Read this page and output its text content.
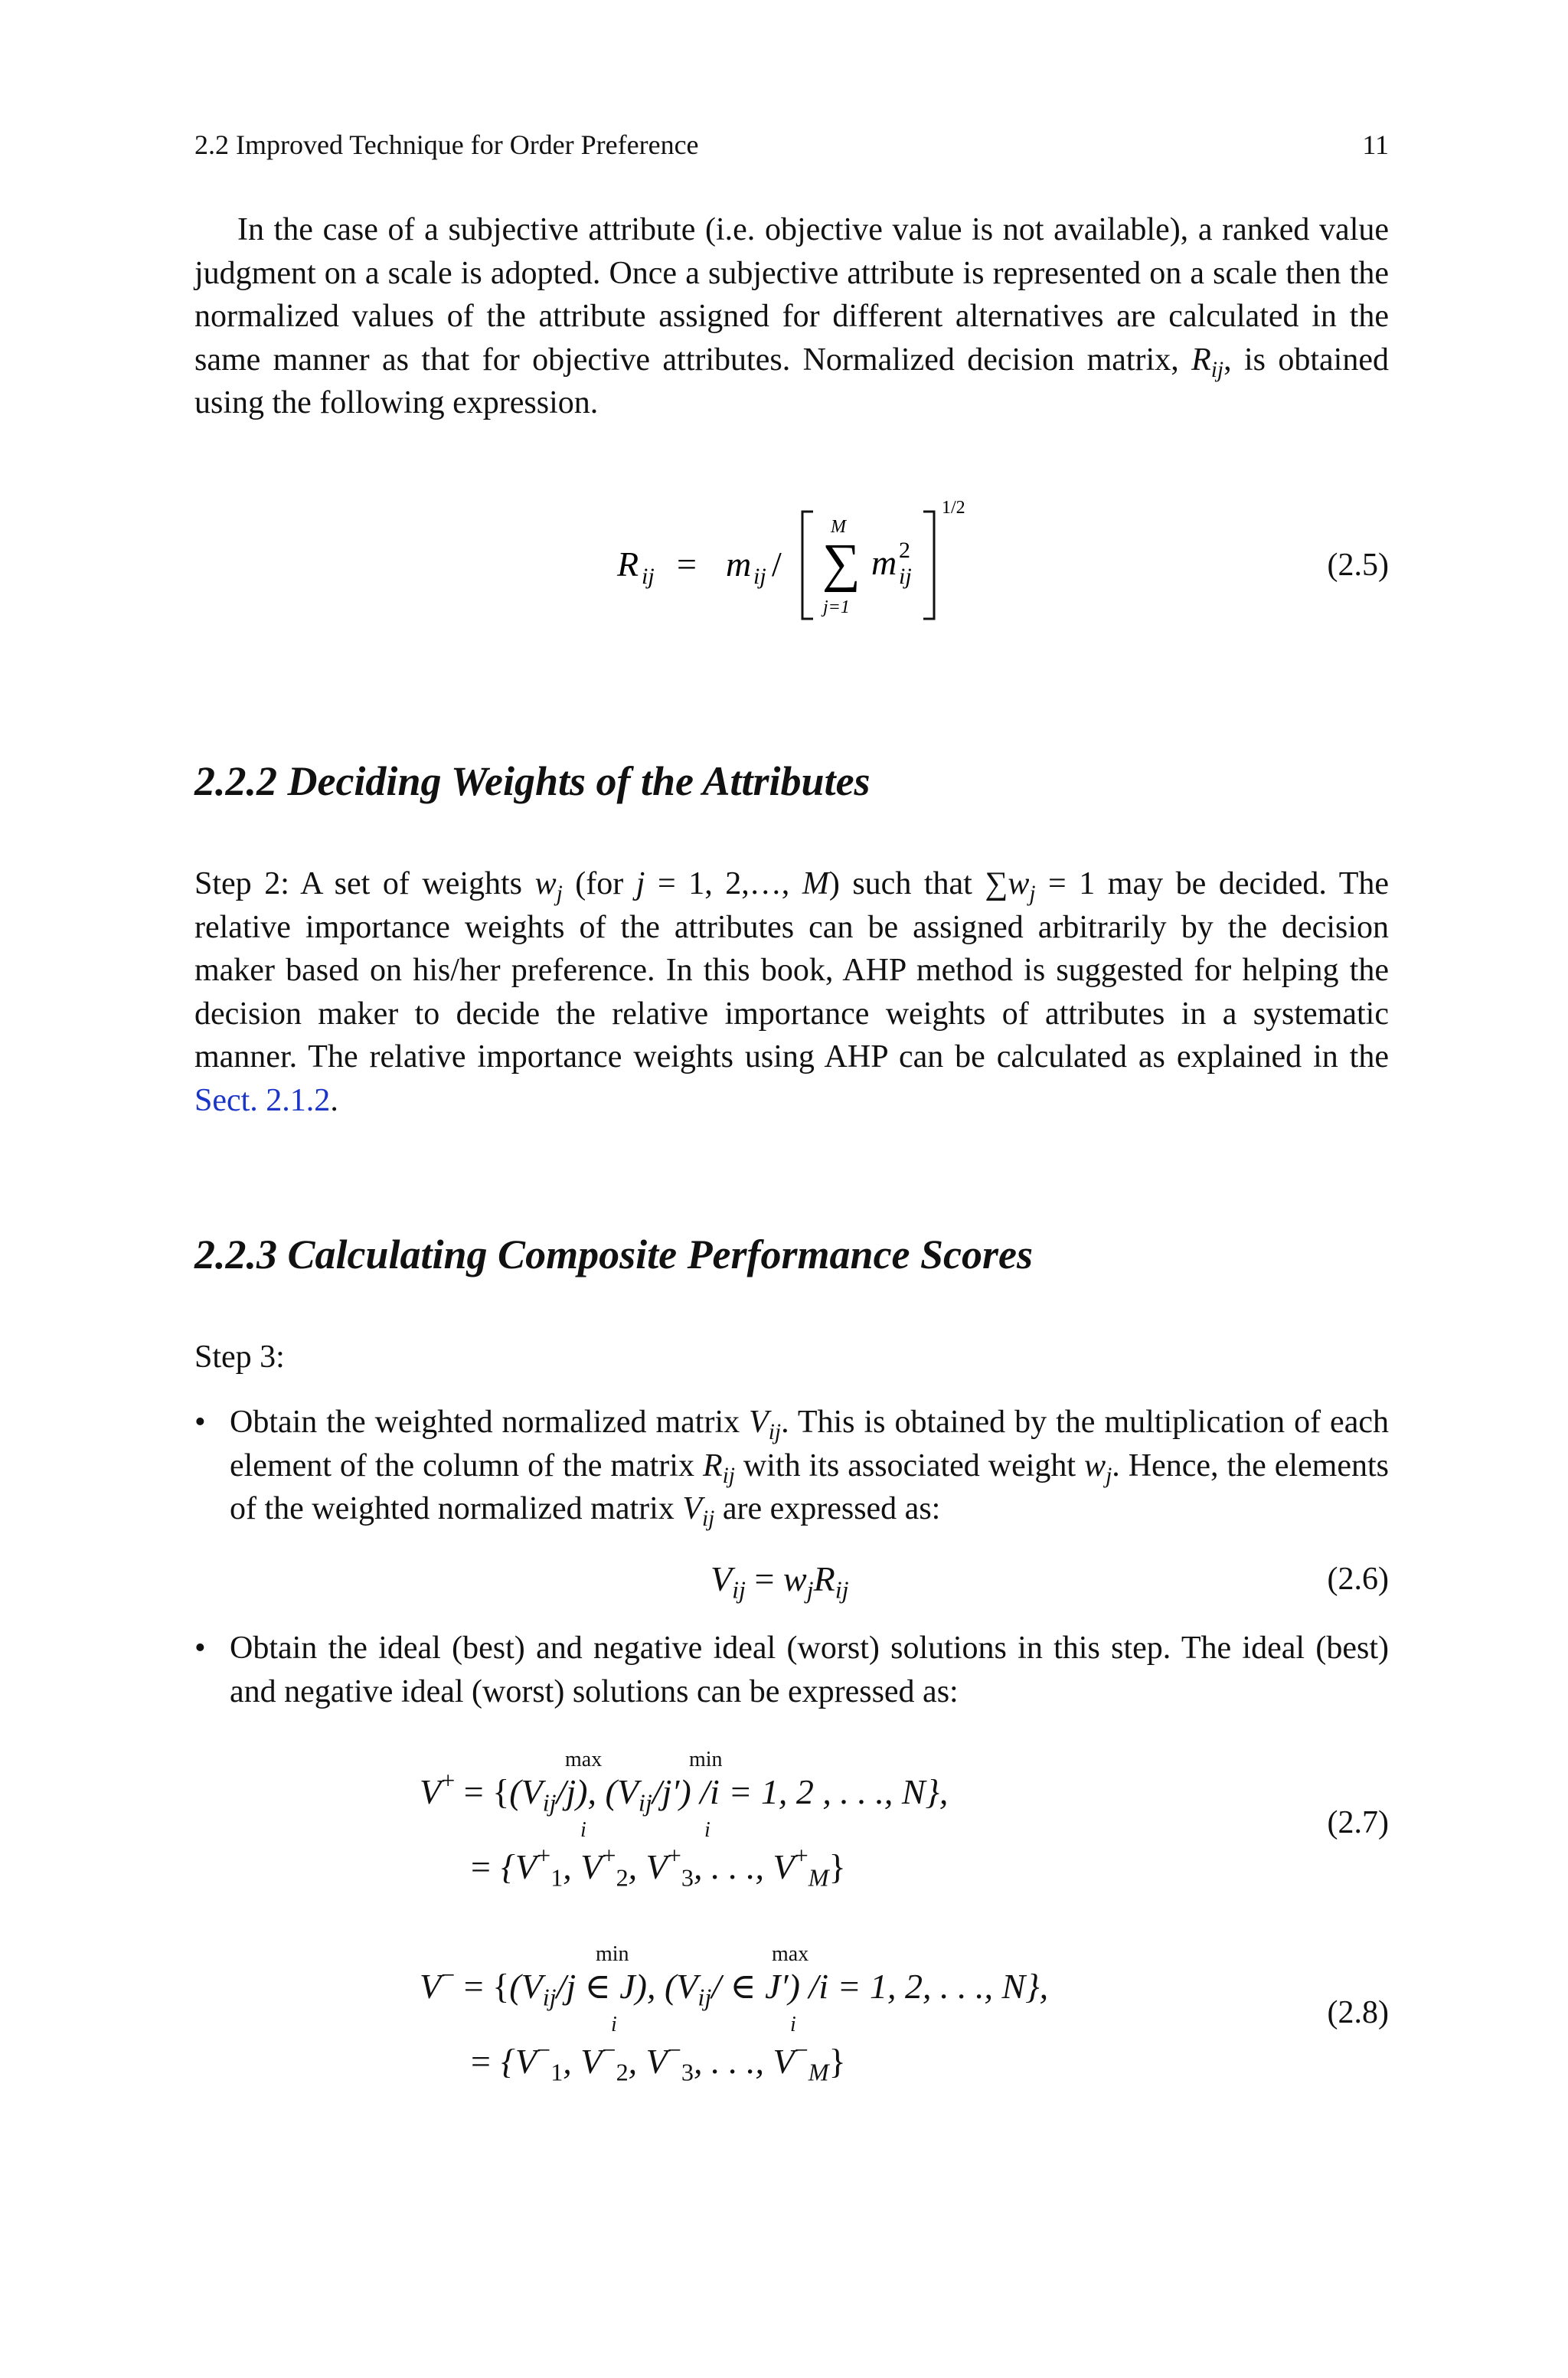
2.2 Improved Technique for Order Preference	11

In the case of a subjective attribute (i.e. objective value is not available), a ranked value judgment on a scale is adopted. Once a subjective attribute is represented on a scale then the normalized values of the attribute assigned for different alternatives are calculated in the same manner as that for objective attributes. Normalized decision matrix, $R_{ij}$, is obtained using the following expression.

R ij = m ij /
M
∑
j=1
m 2
ij
1/2
(2.5)
2.2.2 Deciding Weights of the Attributes

Step 2: A set of weights $w_j$ (for j = 1, 2,…, M) such that $\sum w_j = 1$ may be decided. The relative importance weights of the attributes can be assigned arbitrarily by the decision maker based on his/her preference. In this book, AHP method is suggested for helping the decision maker to decide the relative importance weights of attributes in a systematic manner. The relative importance weights using AHP can be calculated as explained in the Sect. 2.1.2.

2.2.3 Calculating Composite Performance Scores

Step 3:

• Obtain the weighted normalized matrix $V_{ij}$. This is obtained by the multiplication of each element of the column of the matrix $R_{ij}$ with its associated weight $w_j$. Hence, the elements of the weighted normalized matrix $V_{ij}$ are expressed as:

$V_{ij} = w_jR_{ij}$	(2.6)
• Obtain the ideal (best) and negative ideal (worst) solutions in this step. The ideal (best) and negative ideal (worst) solutions can be expressed as:

max	min
i	i
$V^+ = \{(V_{ij}/j)$, $(V_{ij}/j') /i = 1$, 2 , . . ., N},
= {$V^+_1$, $V^+_2$, $V^+_3$, . . ., $V^+_M$}
(2.7)
min	max
i	i
$V^- = \{(V_{ij}/j$ ∈ J), ($V_{ij}/$ ∈ J′) /i = 1, 2, . . ., N},
= {$V^-_1$, $V^-_2$, $V^-_3$, . . ., $V^-_M$}
(2.8)
